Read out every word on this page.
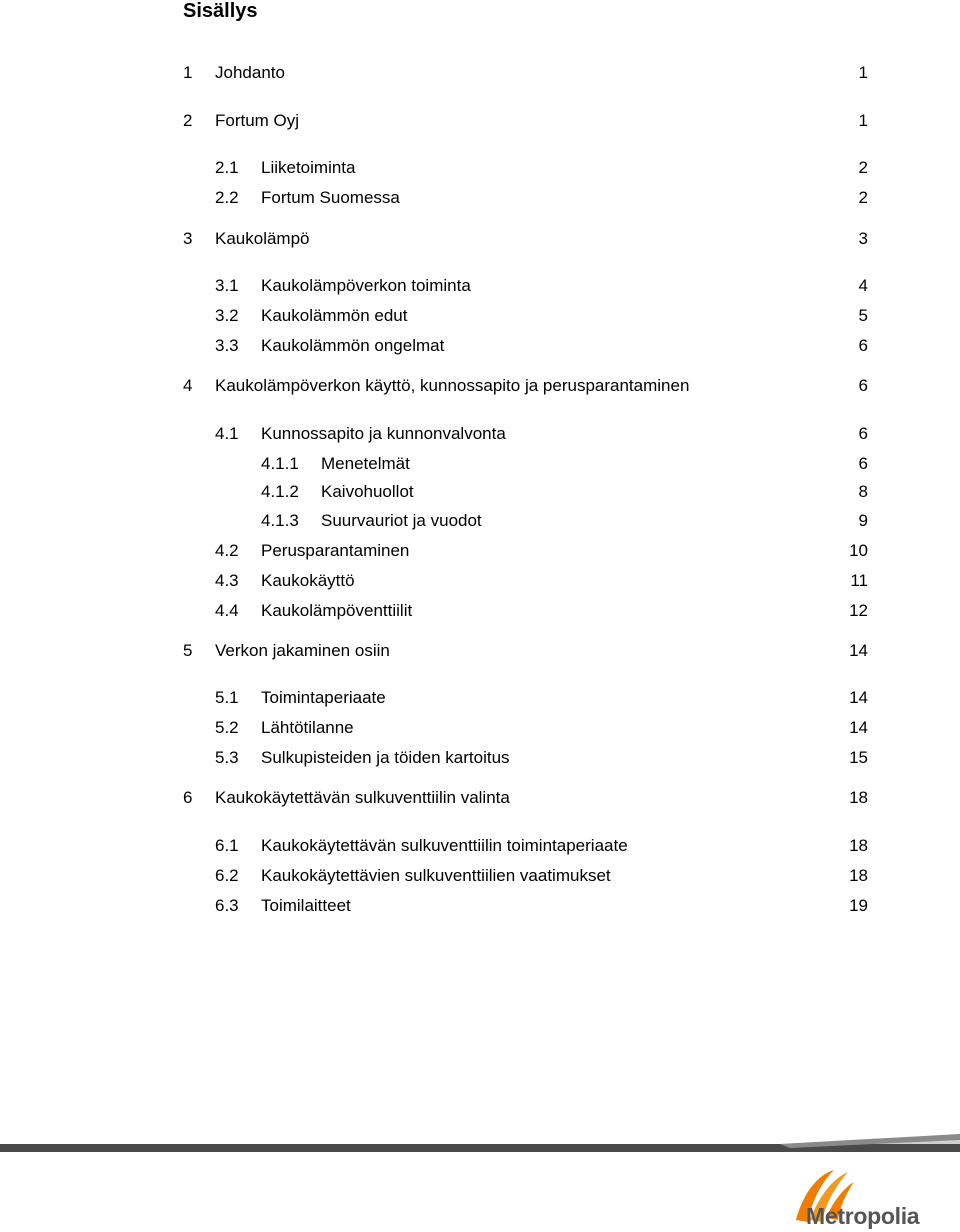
Sisällys
1 Johdanto	1
2 Fortum Oyj	1
2.1 Liiketoiminta	2
2.2 Fortum Suomessa	2
3 Kaukolämpö	3
3.1 Kaukolämpöverkon toiminta	4
3.2 Kaukolämmön edut	5
3.3 Kaukolämmön ongelmat	6
4 Kaukolämpöverkon käyttö, kunnossapito ja perusparantaminen	6
4.1 Kunnossapito ja kunnonvalvonta	6
4.1.1 Menetelmät	6
4.1.2 Kaivohuollot	8
4.1.3 Suurvauriot ja vuodot	9
4.2 Perusparantaminen	10
4.3 Kaukokäyttö	11
4.4 Kaukolämpöventtiilit	12
5 Verkon jakaminen osiin	14
5.1 Toimintaperiaate	14
5.2 Lähtötilanne	14
5.3 Sulkupisteiden ja töiden kartoitus	15
6 Kaukokäytettävän sulkuventtiilin valinta	18
6.1 Kaukokäytettävän sulkuventtiilin toimintaperiaate	18
6.2 Kaukokäytettävien sulkuventtiilien vaatimukset	18
6.3 Toimilaitteet	19
Metropolia
